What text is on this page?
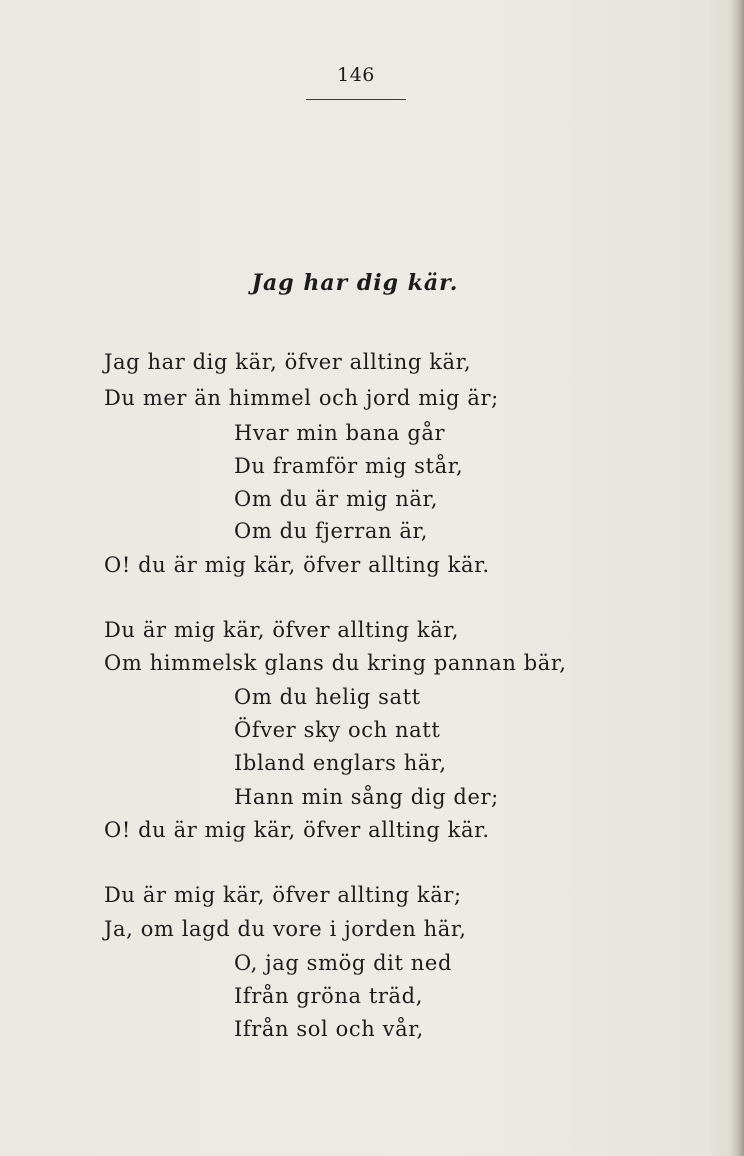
146
Jag har dig kär.
Jag har dig kär, öfver allting kär,
Du mer än himmel och jord mig är;
Hvar min bana går
Du framför mig står,
Om du är mig när,
Om du fjerran är,
O! du är mig kär, öfver allting kär.
Du är mig kär, öfver allting kär,
Om himmelsk glans du kring pannan bär,
Om du helig satt
Öfver sky och natt
Ibland englars här,
Hann min sång dig der;
O! du är mig kär, öfver allting kär.
Du är mig kär, öfver allting kär;
Ja, om lagd du vore i jorden här,
O, jag smög dit ned
Ifrån gröna träd,
Ifrån sol och vår,
